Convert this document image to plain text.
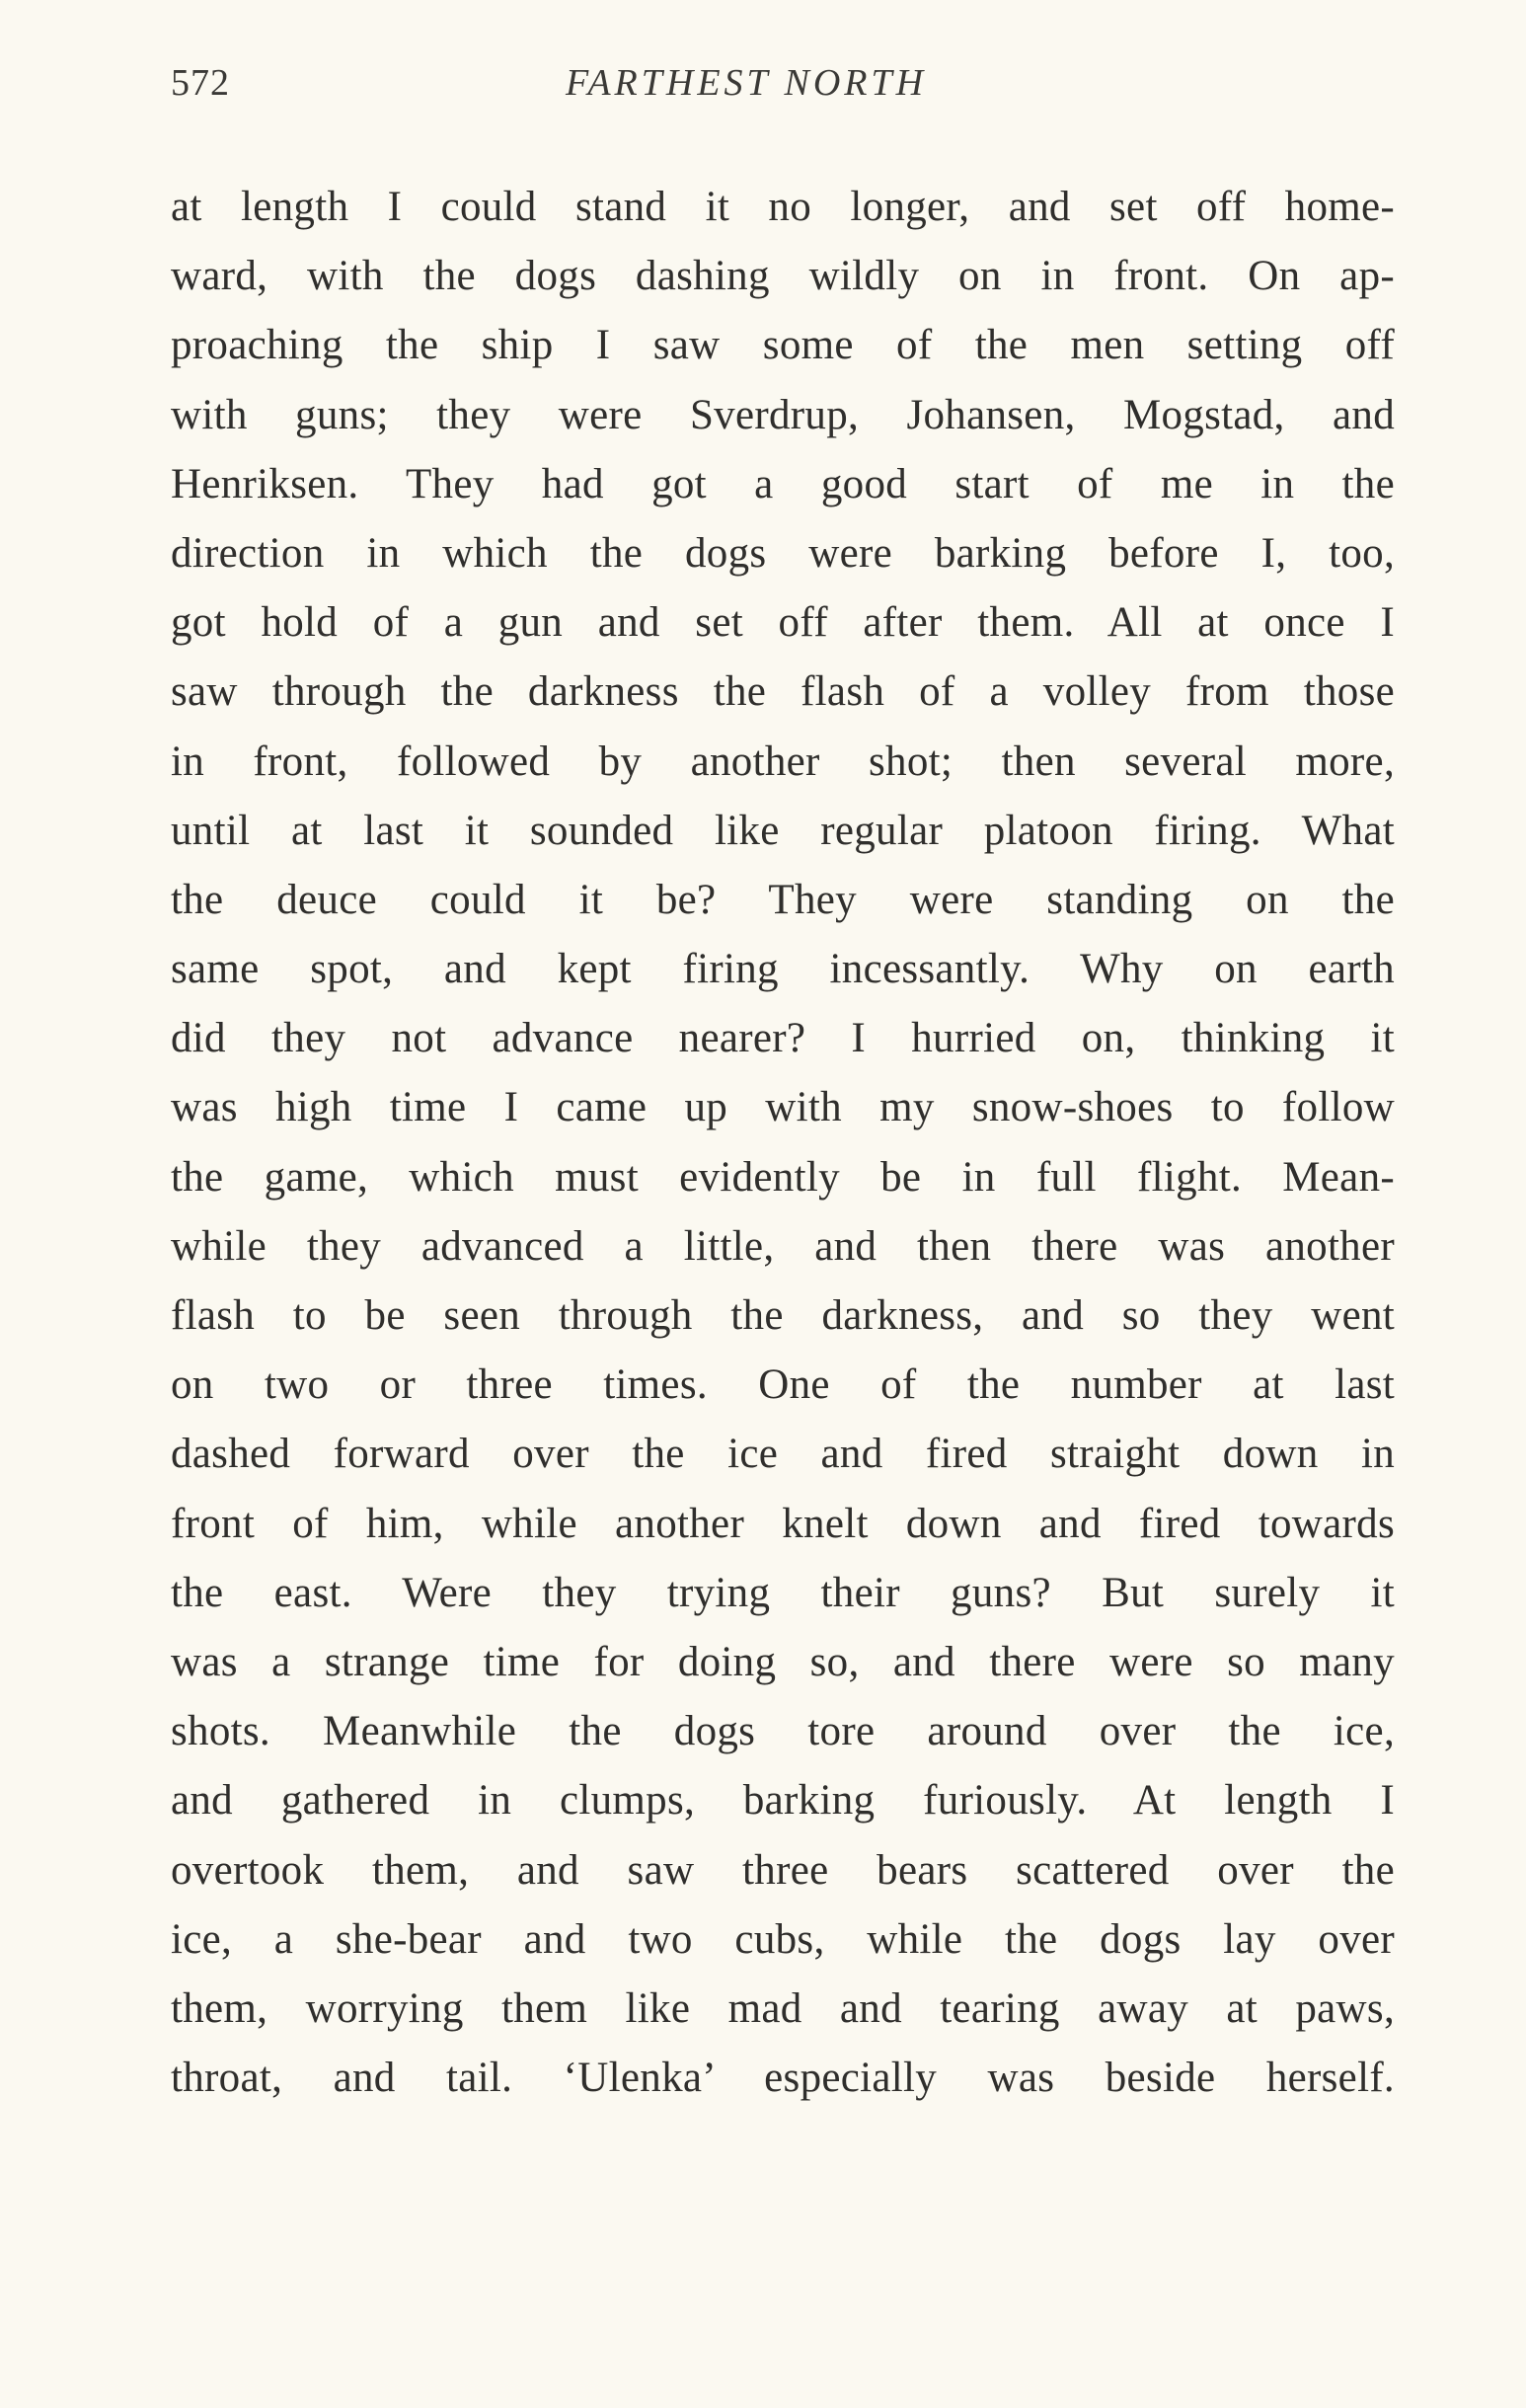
572	FARTHEST NORTH
at length I could stand it no longer, and set off home-
ward, with the dogs dashing wildly on in front. On ap-
proaching the ship I saw some of the men setting off
with guns; they were Sverdrup, Johansen, Mogstad, and
Henriksen. They had got a good start of me in the
direction in which the dogs were barking before I, too,
got hold of a gun and set off after them. All at once I
saw through the darkness the flash of a volley from those
in front, followed by another shot; then several more,
until at last it sounded like regular platoon firing. What
the deuce could it be? They were standing on the
same spot, and kept firing incessantly. Why on earth
did they not advance nearer? I hurried on, thinking it
was high time I came up with my snow-shoes to follow
the game, which must evidently be in full flight. Mean-
while they advanced a little, and then there was another
flash to be seen through the darkness, and so they went
on two or three times. One of the number at last
dashed forward over the ice and fired straight down in
front of him, while another knelt down and fired towards
the east. Were they trying their guns? But surely it
was a strange time for doing so, and there were so many
shots. Meanwhile the dogs tore around over the ice,
and gathered in clumps, barking furiously. At length I
overtook them, and saw three bears scattered over the
ice, a she-bear and two cubs, while the dogs lay over
them, worrying them like mad and tearing away at paws,
throat, and tail. ‘Ulenka’ especially was beside herself.
